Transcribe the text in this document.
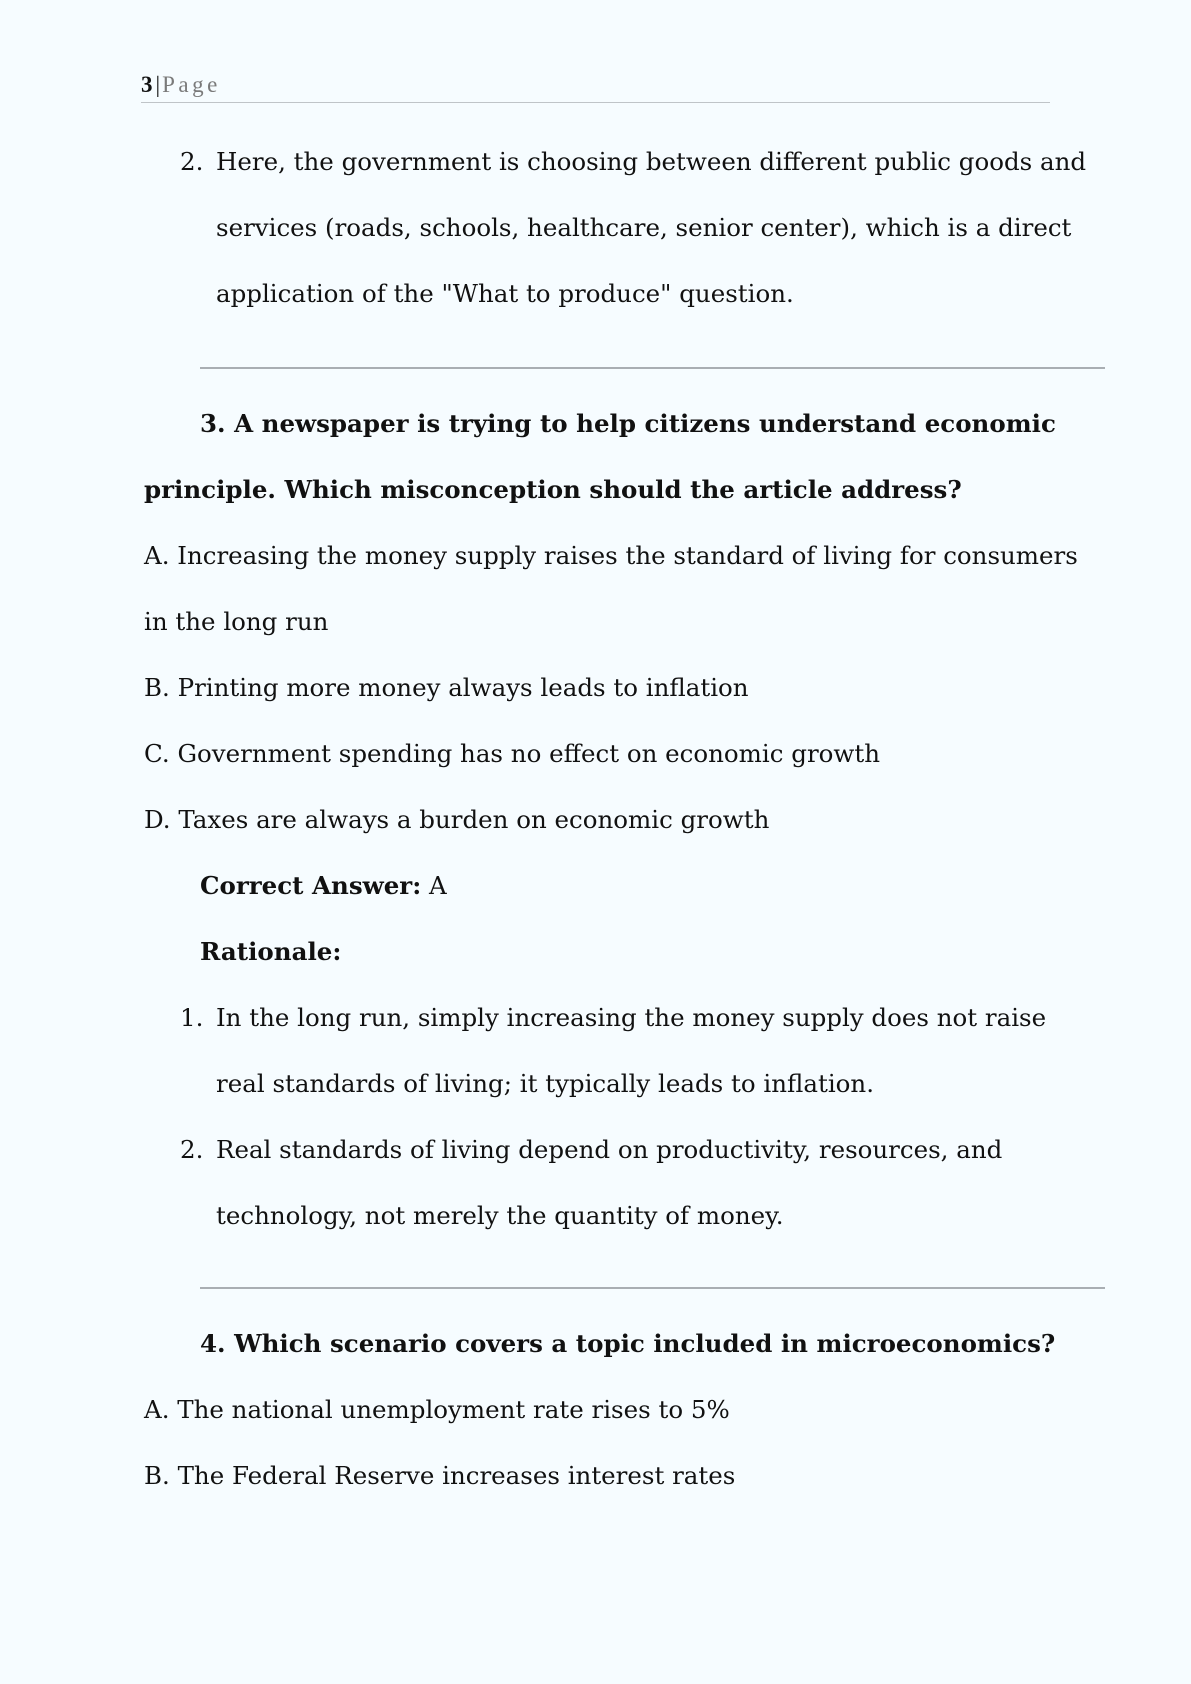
3 |Page
2. Here, the government is choosing between different public goods and
services (roads, schools, healthcare, senior center), which is a direct
application of the "What to produce" question.
3. A newspaper is trying to help citizens understand economic
principle. Which misconception should the article address?
A. Increasing the money supply raises the standard of living for consumers
in the long run
B. Printing more money always leads to inflation
C. Government spending has no effect on economic growth
D. Taxes are always a burden on economic growth
Correct Answer: A
Rationale:
1. In the long run, simply increasing the money supply does not raise
real standards of living; it typically leads to inflation.
2. Real standards of living depend on productivity, resources, and
technology, not merely the quantity of money.
4. Which scenario covers a topic included in microeconomics?
A. The national unemployment rate rises to 5%
B. The Federal Reserve increases interest rates
